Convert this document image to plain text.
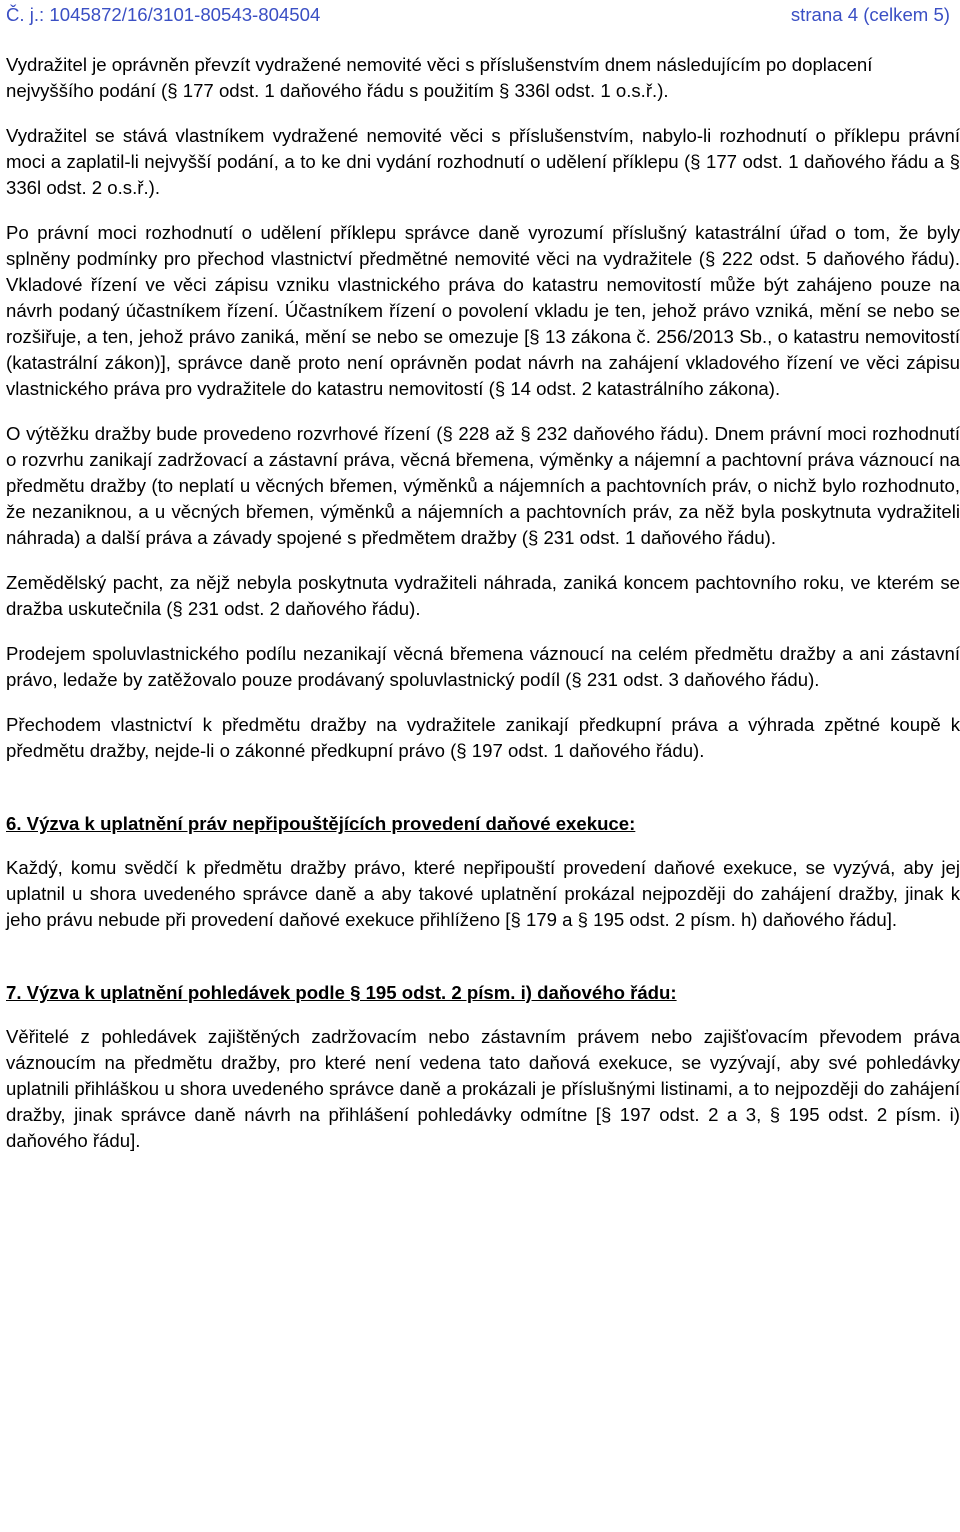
Č. j.: 1045872/16/3101-80543-804504	strana 4 (celkem 5)

Vydražitel je oprávněn převzít vydražené nemovité věci s příslušenstvím dnem následujícím po doplacení nejvyššího podání (§ 177 odst. 1 daňového řádu s použitím § 336l odst. 1 o.s.ř.).

Vydražitel se stává vlastníkem vydražené nemovité věci s příslušenstvím, nabylo-li rozhodnutí o příklepu právní moci a zaplatil-li nejvyšší podání, a to ke dni vydání rozhodnutí o udělení příklepu (§ 177 odst. 1 daňového řádu a § 336l odst. 2 o.s.ř.).

Po právní moci rozhodnutí o udělení příklepu správce daně vyrozumí příslušný katastrální úřad o tom, že byly splněny podmínky pro přechod vlastnictví předmětné nemovité věci na vydražitele (§ 222 odst. 5 daňového řádu). Vkladové řízení ve věci zápisu vzniku vlastnického práva do katastru nemovitostí může být zahájeno pouze na návrh podaný účastníkem řízení. Účastníkem řízení o povolení vkladu je ten, jehož právo vzniká, mění se nebo se rozšiřuje, a ten, jehož právo zaniká, mění se nebo se omezuje [§ 13 zákona č. 256/2013 Sb., o katastru nemovitostí (katastrální zákon)], správce daně proto není oprávněn podat návrh na zahájení vkladového řízení ve věci zápisu vlastnického práva pro vydražitele do katastru nemovitostí (§ 14 odst. 2 katastrálního zákona).

O výtěžku dražby bude provedeno rozvrhové řízení (§ 228 až § 232 daňového řádu). Dnem právní moci rozhodnutí o rozvrhu zanikají zadržovací a zástavní práva, věcná břemena, výměnky a nájemní a pachtovní práva váznoucí na předmětu dražby (to neplatí u věcných břemen, výměnků a nájemních a pachtovních práv, o nichž bylo rozhodnuto, že nezaniknou, a u věcných břemen, výměnků a nájemních a pachtovních práv, za něž byla poskytnuta vydražiteli náhrada) a další práva a závady spojené s předmětem dražby (§ 231 odst. 1 daňového řádu).

Zemědělský pacht, za nějž nebyla poskytnuta vydražiteli náhrada, zaniká koncem pachtovního roku, ve kterém se dražba uskutečnila (§ 231 odst. 2 daňového řádu).

Prodejem spoluvlastnického podílu nezanikají věcná břemena váznoucí na celém předmětu dražby a ani zástavní právo, ledaže by zatěžovalo pouze prodávaný spoluvlastnický podíl (§ 231 odst. 3 daňového řádu).

Přechodem vlastnictví k předmětu dražby na vydražitele zanikají předkupní práva a výhrada zpětné koupě k předmětu dražby, nejde-li o zákonné předkupní právo (§ 197 odst. 1 daňového řádu).

6. Výzva k uplatnění práv nepřipouštějících provedení daňové exekuce:

Každý, komu svědčí k předmětu dražby právo, které nepřipouští provedení daňové exekuce, se vyzývá, aby jej uplatnil u shora uvedeného správce daně a aby takové uplatnění prokázal nejpozději do zahájení dražby, jinak k jeho právu nebude při provedení daňové exekuce přihlíženo [§ 179 a § 195 odst. 2 písm. h) daňového řádu].

7. Výzva k uplatnění pohledávek podle § 195 odst. 2 písm. i) daňového řádu:

Věřitelé z pohledávek zajištěných zadržovacím nebo zástavním právem nebo zajišťovacím převodem práva váznoucím na předmětu dražby, pro které není vedena tato daňová exekuce, se vyzývají, aby své pohledávky uplatnili přihláškou u shora uvedeného správce daně a prokázali je příslušnými listinami, a to nejpozději do zahájení dražby, jinak správce daně návrh na přihlášení pohledávky odmítne [§ 197 odst. 2 a 3, § 195 odst. 2 písm. i) daňového řádu].
